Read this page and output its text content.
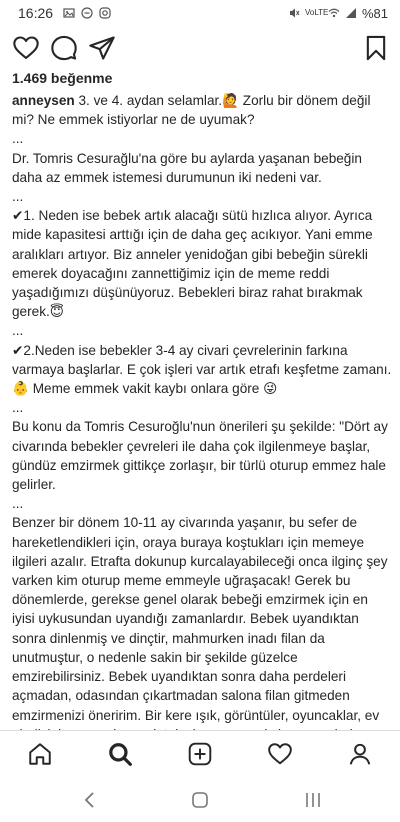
16:26	VoLTE	%81
1.469 beğenme

anneysen 3. ve 4. aydan selamlar.🙋 Zorlu bir dönem değil mi? Ne emmek istiyorlar ne de uyumak?

...

Dr. Tomris Cesurağlu'na göre bu aylarda yaşanan bebeğin daha az emmek istemesi durumunun iki nedeni var.

...

✔1. Neden ise bebek artık alacağı sütü hızlıca alıyor. Ayrıca mide kapasitesi arttığı için de daha geç acıkıyor. Yani emme aralıkları artıyor. Biz anneler yenidoğan gibi bebeğin sürekli emerek doyacağını zannettiğimiz için de meme reddi yaşadığımızı düşünüyoruz. Bebekleri biraz rahat bırakmak gerek.😇

...

✔2.Neden ise bebekler 3-4 ay civari çevrelerinin farkına varmaya başlarlar. E çok işleri var artık etrafı keşfetme zamanı.👶 Meme emmek vakit kaybı onlara göre 😜

...

Bu konu da Tomris Cesuroğlu'nun önerileri şu şekilde: "Dört ay civarında bebekler çevreleri ile daha çok ilgilenmeye başlar, gündüz emzirmek gittikçe zorlaşır, bir türlü oturup emmez hale gelirler.

...

Benzer bir dönem 10-11 ay civarında yaşanır, bu sefer de hareketlendikleri için, oraya buraya koştukları için memeye ilgileri azalır. Etrafta dokunup kurcalayabileceği onca ilginç şey varken kim oturup meme emmeyle uğraşacak! Gerek bu dönemlerde, gerekse genel olarak bebeği emzirmek için en iyisi uykusundan uyandığı zamanlardır. Bebek uyandıktan sonra dinlenmiş ve dinçtir, mahmurken inadı filan da unutmuştur, o nedenle sakin bir şekilde güzelce emzirebilirsiniz. Bebek uyandıktan sonra daha perdeleri açmadan, odasından çıkartmadan salona filan gitmeden emzirmenizi öneririm. Bir kere ışık, görüntüler, oyuncaklar, ev
